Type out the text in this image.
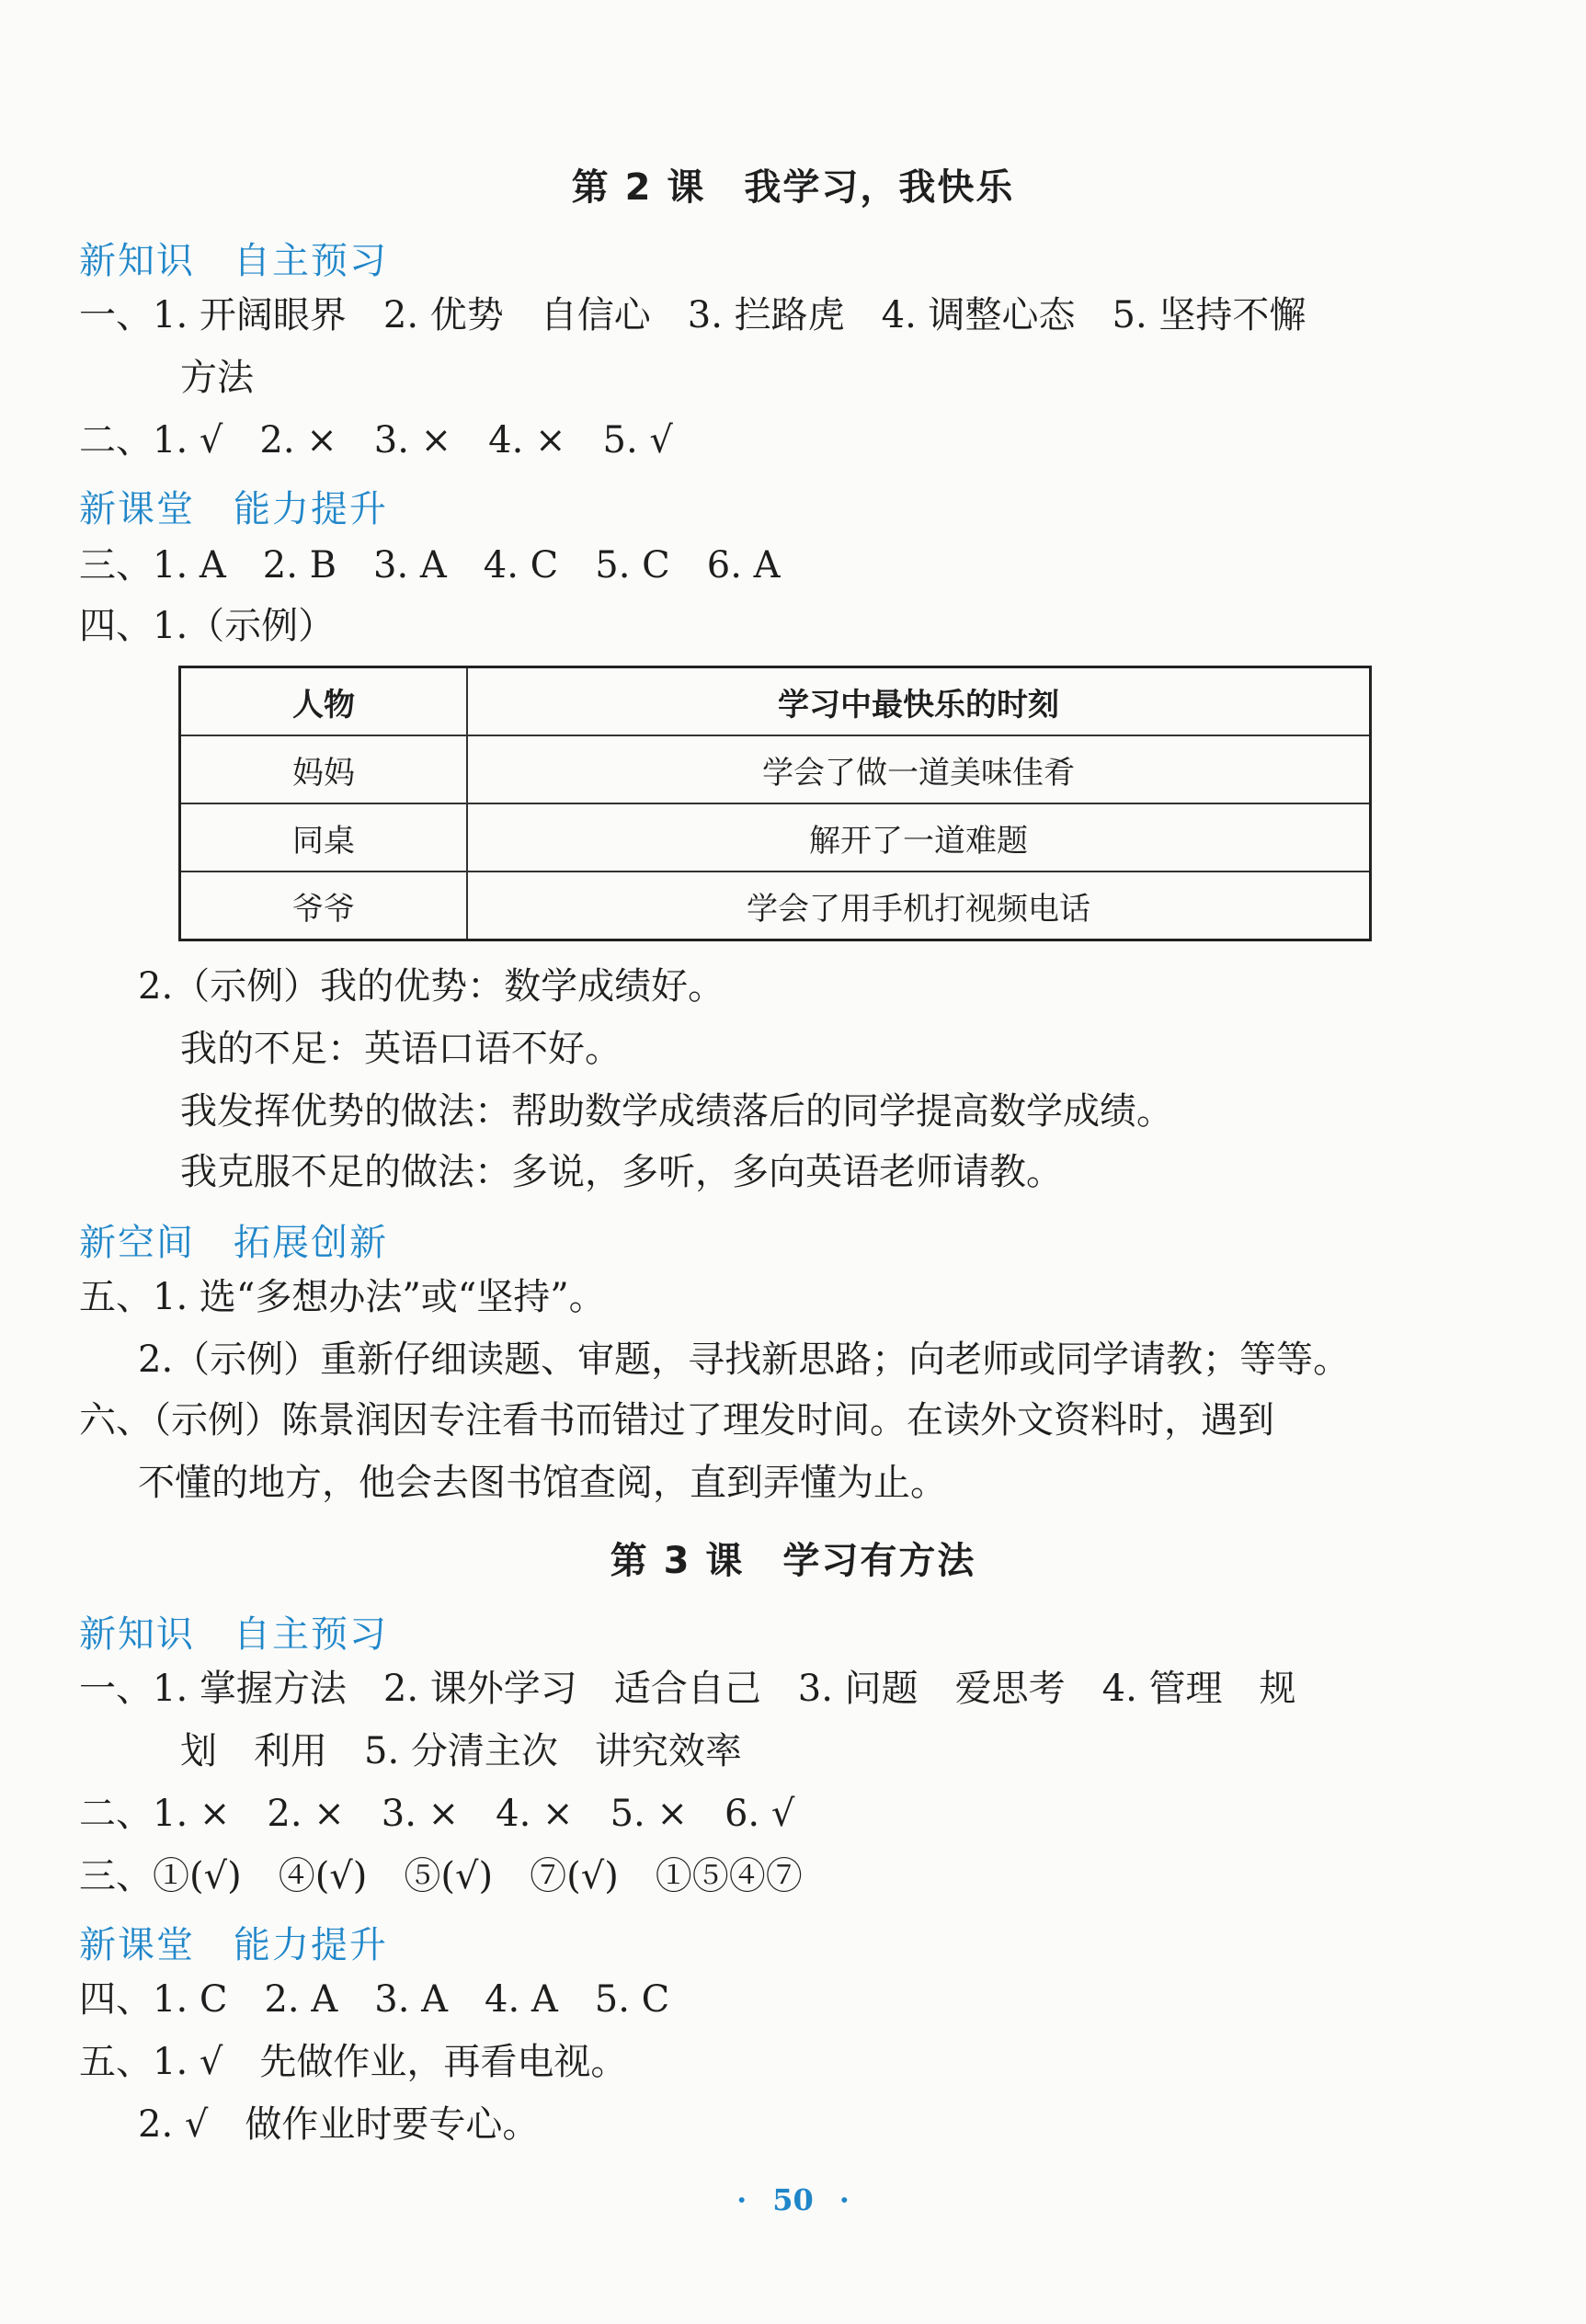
第 2 课　我学习，我快乐
新知识　自主预习
一、1. 开阔眼界　2. 优势　自信心　3. 拦路虎　4. 调整心态　5. 坚持不懈
方法
二、1. √　2. ×　3. ×　4. ×　5. √
新课堂　能力提升
三、1. A　2. B　3. A　4. C　5. C　6. A
四、1.（示例）
人物	学习中最快乐的时刻
妈妈	学会了做一道美味佳肴
同桌	解开了一道难题
爷爷	学会了用手机打视频电话
2.（示例）我的优势：数学成绩好。
我的不足：英语口语不好。
我发挥优势的做法：帮助数学成绩落后的同学提高数学成绩。
我克服不足的做法：多说，多听，多向英语老师请教。
新空间　拓展创新
五、1. 选“多想办法”或“坚持”。
2.（示例）重新仔细读题、审题，寻找新思路；向老师或同学请教；等等。
六、（示例）陈景润因专注看书而错过了理发时间。在读外文资料时，遇到
不懂的地方，他会去图书馆查阅，直到弄懂为止。
第 3 课　学习有方法
新知识　自主预习
一、1. 掌握方法　2. 课外学习　适合自己　3. 问题　爱思考　4. 管理　规
划　利用　5. 分清主次　讲究效率
二、1. ×　2. ×　3. ×　4. ×　5. ×　6. √
三、①(√)　④(√)　⑤(√)　⑦(√)　①⑤④⑦
新课堂　能力提升
四、1. C　2. A　3. A　4. A　5. C
五、1. √　先做作业，再看电视。
2. √　做作业时要专心。
· 50 ·
